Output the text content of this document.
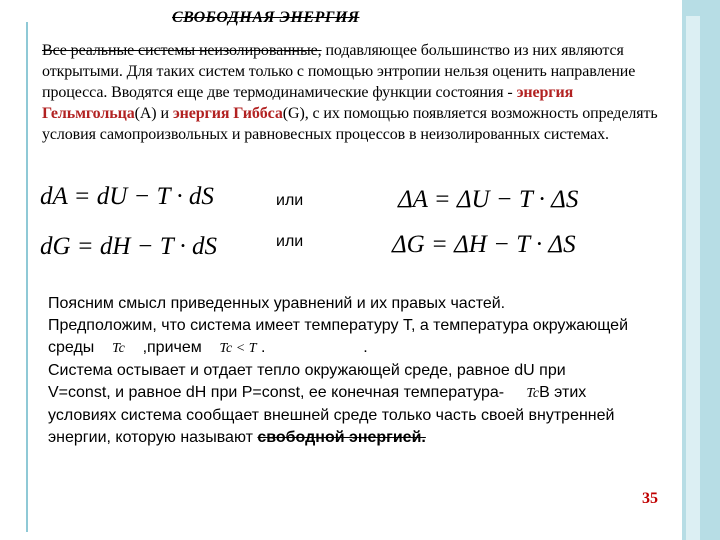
СВОБОДНАЯ ЭНЕРГИЯ

Все реальные системы неизолированные, подавляющее большинство из них являются открытыми. Для таких систем только с помощью энтропии нельзя оценить направление процесса. Вводятся еще две термодинамические функции состояния - энергия Гельмгольца(А) и энергия Гиббса(G), с их помощью появляется возможность определять условия самопроизвольных и равновесных процессов в неизолированных системах.

dA = dU − T · dS	или	ΔA = ΔU − T · ΔS
dG = dH − T · dS	или	ΔG = ΔH − T · ΔS
Поясним смысл приведенных уравнений и их правых частей.
Предположим, что система имеет температуру Т, а температура окружающей
среды Tc ,причем Tc < T .	.
Система остывает и отдает тепло окружающей среде, равное dU при
V=const, и равное dH при P=const, ее конечная температура- TcВ этих
условиях система сообщает внешней среде только часть своей внутренней
энергии, которую называют свободной энергией.
35
